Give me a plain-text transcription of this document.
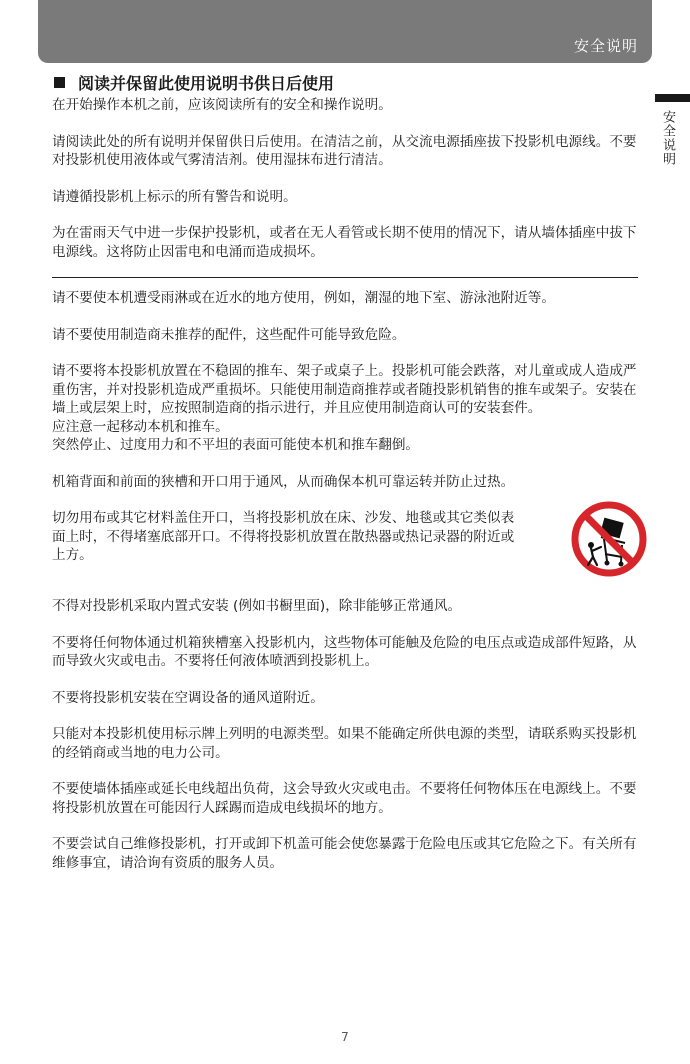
安全说明
安全说明
阅读并保留此使用说明书供日后使用

在开始操作本机之前，应该阅读所有的安全和操作说明。

请阅读此处的所有说明并保留供日后使用。在清洁之前，从交流电源插座拔下投影机电源线。不要对投影机使用液体或气雾清洁剂。使用湿抹布进行清洁。

请遵循投影机上标示的所有警告和说明。

为在雷雨天气中进一步保护投影机，或者在无人看管或长期不使用的情况下，请从墙体插座中拔下电源线。这将防止因雷电和电涌而造成损坏。

请不要使本机遭受雨淋或在近水的地方使用，例如，潮湿的地下室、游泳池附近等。

请不要使用制造商未推荐的配件，这些配件可能导致危险。

请不要将本投影机放置在不稳固的推车、架子或桌子上。投影机可能会跌落，对儿童或成人造成严重伤害，并对投影机造成严重损坏。只能使用制造商推荐或者随投影机销售的推车或架子。安装在墙上或层架上时，应按照制造商的指示进行，并且应使用制造商认可的安装套件。

应注意一起移动本机和推车。

突然停止、过度用力和不平坦的表面可能使本机和推车翻倒。

机箱背面和前面的狭槽和开口用于通风，从而确保本机可靠运转并防止过热。

切勿用布或其它材料盖住开口，当将投影机放在床、沙发、地毯或其它类似表面上时，不得堵塞底部开口。不得将投影机放置在散热器或热记录器的附近或上方。

不得对投影机采取内置式安装 (例如书橱里面)，除非能够正常通风。

不要将任何物体通过机箱狭槽塞入投影机内，这些物体可能触及危险的电压点或造成部件短路，从而导致火灾或电击。不要将任何液体喷洒到投影机上。

不要将投影机安装在空调设备的通风道附近。

只能对本投影机使用标示牌上列明的电源类型。如果不能确定所供电源的类型，请联系购买投影机的经销商或当地的电力公司。

不要使墙体插座或延长电线超出负荷，这会导致火灾或电击。不要将任何物体压在电源线上。不要将投影机放置在可能因行人踩踢而造成电线损坏的地方。

不要尝试自己维修投影机，打开或卸下机盖可能会使您暴露于危险电压或其它危险之下。有关所有维修事宜，请洽询有资质的服务人员。

7
